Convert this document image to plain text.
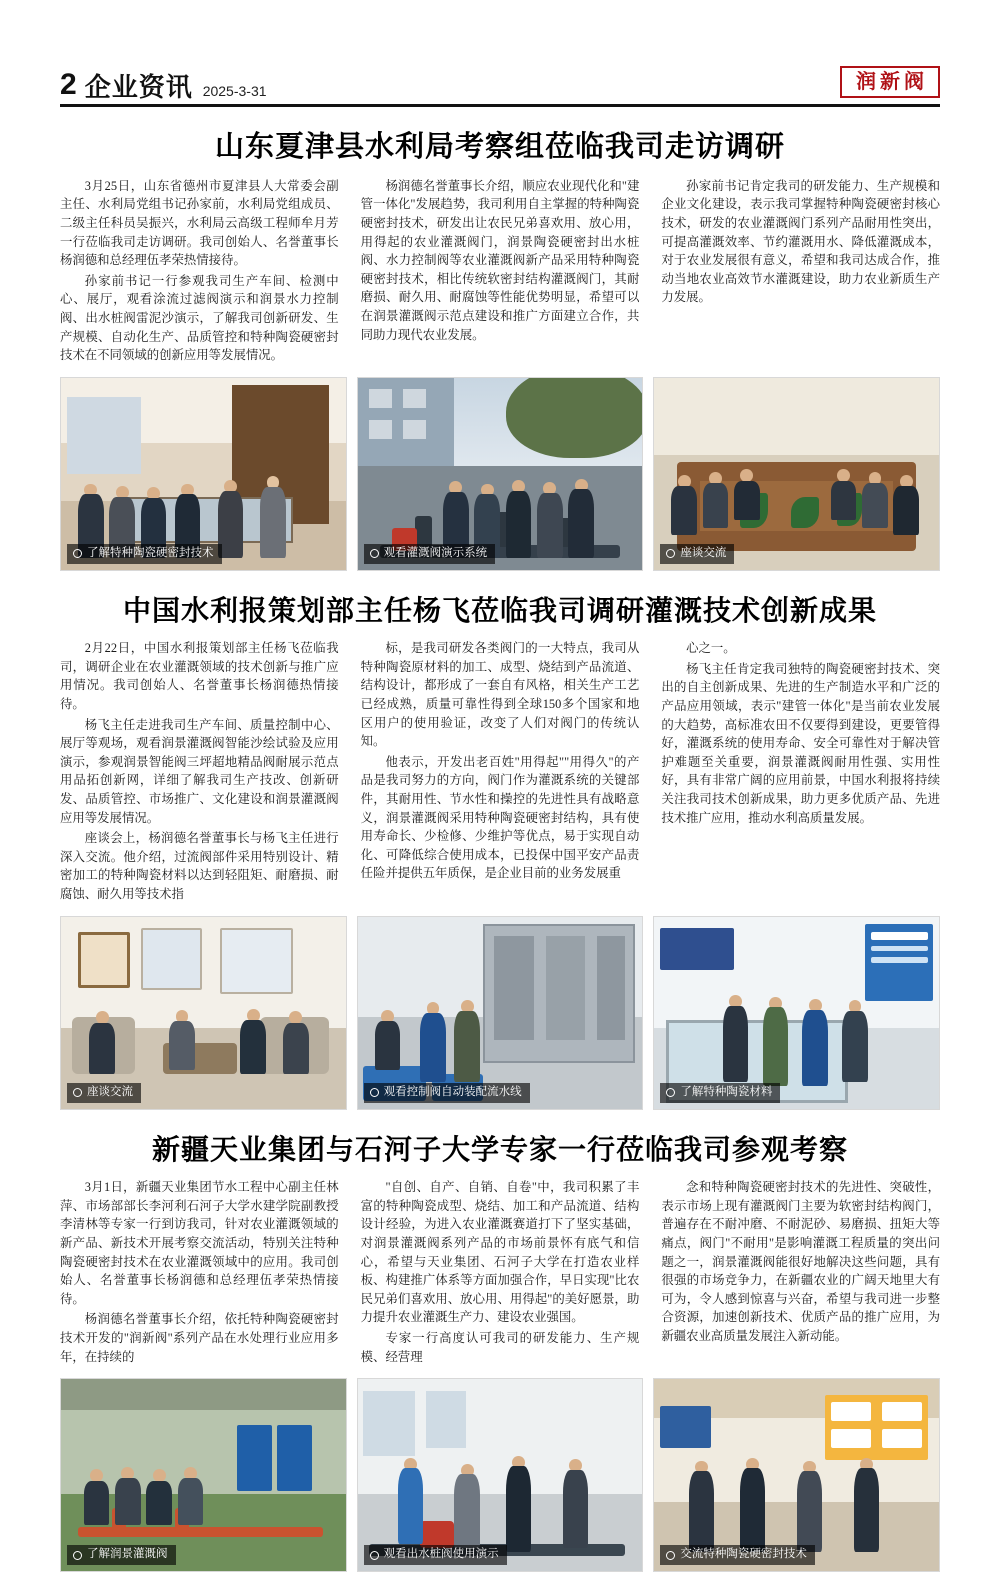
2 企业资讯 2025-3-31	润新阀
山东夏津县水利局考察组莅临我司走访调研

3月25日，山东省德州市夏津县人大常委会副主任、水利局党组书记孙家前，水利局党组成员、二级主任科员吴振兴，水利局云高级工程师牟月芳一行莅临我司走访调研。我司创始人、名誉董事长杨润德和总经理伍孝荣热情接待。

孙家前书记一行参观我司生产车间、检测中心、展厅，观看涂流过滤阀演示和润景水力控制阀、出水桩阀雷泥沙演示，了解我司创新研发、生产规模、自动化生产、品质管控和特种陶瓷硬密封技术在不同领域的创新应用等发展情况。

杨润德名誉董事长介绍，顺应农业现代化和"建管一体化"发展趋势，我司利用自主掌握的特种陶瓷硬密封技术，研发出让农民兄弟喜欢用、放心用，用得起的农业灌溉阀门，润景陶瓷硬密封出水桩阀、水力控制阀等农业灌溉阀新产品采用特种陶瓷硬密封技术，相比传统软密封结构灌溉阀门，其耐磨损、耐久用、耐腐蚀等性能优势明显，希望可以在润景灌溉阀示范点建设和推广方面建立合作，共同助力现代农业发展。

孙家前书记肯定我司的研发能力、生产规模和企业文化建设，表示我司掌握特种陶瓷硬密封核心技术，研发的农业灌溉阀门系列产品耐用性突出，可提高灌溉效率、节约灌溉用水、降低灌溉成本，对于农业发展很有意义，希望和我司达成合作，推动当地农业高效节水灌溉建设，助力农业新质生产力发展。

了解特种陶瓷硬密封技术	观看灌溉阀演示系统	座谈交流
中国水利报策划部主任杨飞莅临我司调研灌溉技术创新成果

2月22日，中国水利报策划部主任杨飞莅临我司，调研企业在农业灌溉领域的技术创新与推广应用情况。我司创始人、名誉董事长杨润德热情接待。

杨飞主任走进我司生产车间、质量控制中心、展厅等观场，观看润景灌溉阀智能沙绘试验及应用演示，参观润景智能阀三坪超地精品阀耐展示范点用品拓创新网，详细了解我司生产技改、创新研发、品质管控、市场推广、文化建设和润景灌溉阀应用等发展情况。

座谈会上，杨润德名誉董事长与杨飞主任进行深入交流。他介绍，过流阀部件采用特别设计、精密加工的特种陶瓷材料以达到轻阻矩、耐磨损、耐腐蚀、耐久用等技术指

标，是我司研发各类阀门的一大特点，我司从特种陶瓷原材料的加工、成型、烧结到产品流道、结构设计，都形成了一套自有风格，相关生产工艺已经成熟，质量可靠性得到全球150多个国家和地区用户的使用验证，改变了人们对阀门的传统认知。

他表示，开发出老百姓"用得起""用得久"的产品是我司努力的方向，阀门作为灌溉系统的关键部件，其耐用性、节水性和操控的先进性具有战略意义，润景灌溉阀采用特种陶瓷硬密封结构，具有使用寿命长、少检修、少维护等优点，易于实现自动化、可降低综合使用成本，已投保中国平安产品责任险并提供五年质保，是企业目前的业务发展重

心之一。

杨飞主任肯定我司独特的陶瓷硬密封技术、突出的自主创新成果、先进的生产制造水平和广泛的产品应用领域，表示"建管一体化"是当前农业发展的大趋势，高标准农田不仅要得到建设，更要管得好，灌溉系统的使用寿命、安全可靠性对于解决管护难题至关重要，润景灌溉阀耐用性强、实用性好，具有非常广阔的应用前景，中国水利报将持续关注我司技术创新成果，助力更多优质产品、先进技术推广应用，推动水利高质量发展。

座谈交流	观看控制阀自动装配流水线	了解特种陶瓷材料
新疆天业集团与石河子大学专家一行莅临我司参观考察

3月1日，新疆天业集团节水工程中心副主任林萍、市场部部长李河利石河子大学水建学院副教授李清林等专家一行到访我司，针对农业灌溉领域的新产品、新技术开展考察交流活动，特别关注特种陶瓷硬密封技术在农业灌溉领域中的应用。我司创始人、名誉董事长杨润德和总经理伍孝荣热情接待。

杨润德名誉董事长介绍，依托特种陶瓷硬密封技术开发的"润新阀"系列产品在水处理行业应用多年，在持续的

"自创、自产、自销、自卷"中，我司积累了丰富的特种陶瓷成型、烧结、加工和产品流道、结构设计经验，为进入农业灌溉赛道打下了坚实基础，对润景灌溉阀系列产品的市场前景怀有底气和信心，希望与天业集团、石河子大学在打造农业样板、构建推广体系等方面加强合作，早日实现"比农民兄弟们喜欢用、放心用、用得起"的美好愿景，助力提升农业灌溉生产力、建设农业强国。

专家一行高度认可我司的研发能力、生产规模、经营理

念和特种陶瓷硬密封技术的先进性、突破性，表示市场上现有灌溉阀门主要为软密封结构阀门，普遍存在不耐冲磨、不耐泥砂、易磨损、扭矩大等痛点，阀门"不耐用"是影响灌溉工程质量的突出问题之一，润景灌溉阀能很好地解决这些问题，具有很强的市场竞争力，在新疆农业的广阔天地里大有可为，令人感到惊喜与兴奋，希望与我司进一步整合资源，加速创新技术、优质产品的推广应用，为新疆农业高质量发展注入新动能。

了解润景灌溉阀	观看出水桩阀使用演示	交流特种陶瓷硬密封技术
